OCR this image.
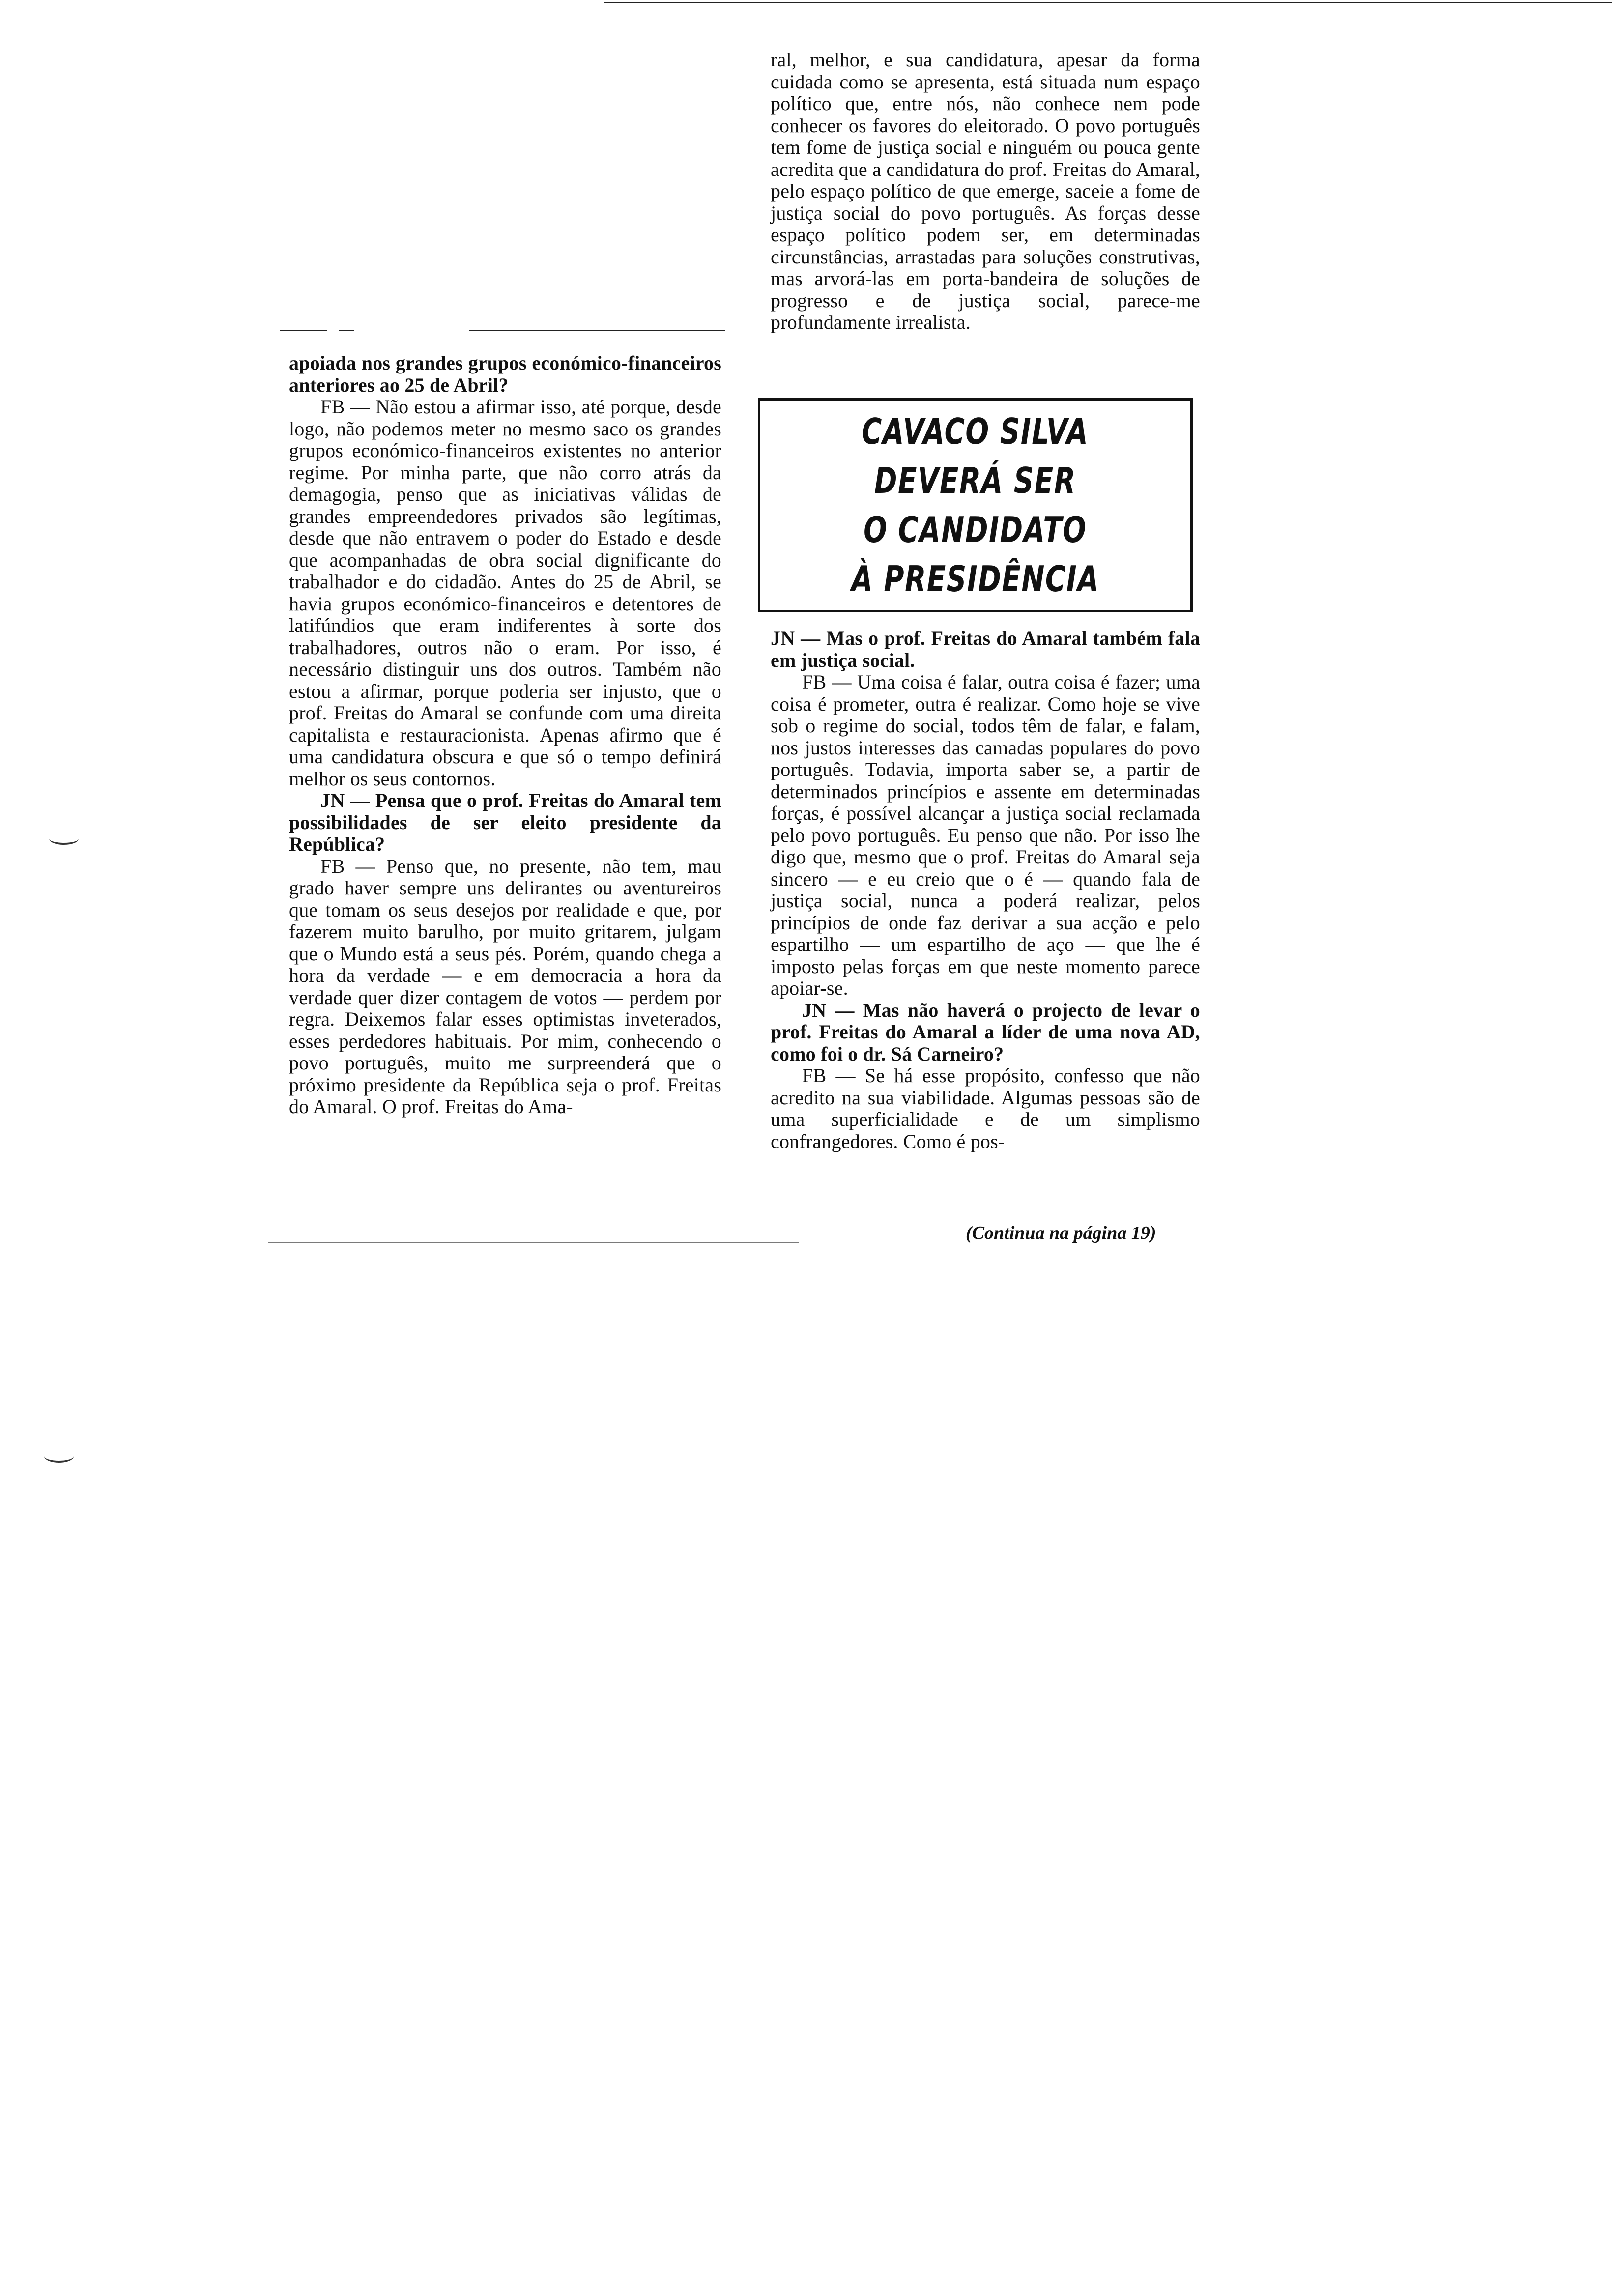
apoiada nos grandes grupos económico-financeiros anteriores ao 25 de Abril?

FB — Não estou a afirmar isso, até porque, desde logo, não podemos meter no mesmo saco os grandes grupos económico-financeiros existentes no anterior regime. Por minha parte, que não corro atrás da demagogia, penso que as iniciativas válidas de grandes empreendedores privados são legítimas, desde que não entravem o poder do Estado e desde que acompanhadas de obra social dignificante do trabalhador e do cidadão. Antes do 25 de Abril, se havia grupos económico-financeiros e detentores de latifúndios que eram indiferentes à sorte dos trabalhadores, outros não o eram. Por isso, é necessário distinguir uns dos outros. Também não estou a afirmar, porque poderia ser injusto, que o prof. Freitas do Amaral se confunde com uma direita capitalista e restauracionista. Apenas afirmo que é uma candidatura obscura e que só o tempo definirá melhor os seus contornos.

JN — Pensa que o prof. Freitas do Amaral tem possibilidades de ser eleito presidente da República?

FB — Penso que, no presente, não tem, mau grado haver sempre uns delirantes ou aventureiros que tomam os seus desejos por realidade e que, por fazerem muito barulho, por muito gritarem, julgam que o Mundo está a seus pés. Porém, quando chega a hora da verdade — e em democracia a hora da verdade quer dizer contagem de votos — perdem por regra. Deixemos falar esses optimistas inveterados, esses perdedores habituais. Por mim, conhecendo o povo português, muito me surpreenderá que o próximo presidente da República seja o prof. Freitas do Amaral. O prof. Freitas do Ama-

ral, melhor, e sua candidatura, apesar da forma cuidada como se apresenta, está situada num espaço político que, entre nós, não conhece nem pode conhecer os favores do eleitorado. O povo português tem fome de justiça social e ninguém ou pouca gente acredita que a candidatura do prof. Freitas do Amaral, pelo espaço político de que emerge, saceie a fome de justiça social do povo português. As forças desse espaço político podem ser, em determinadas circunstâncias, arrastadas para soluções construtivas, mas arvorá-las em porta-bandeira de soluções de progresso e de justiça social, parece-me profundamente irrealista.

CAVACO SILVA
DEVERÁ SER
O CANDIDATO
À PRESIDÊNCIA

JN — Mas o prof. Freitas do Amaral também fala em justiça social.

FB — Uma coisa é falar, outra coisa é fazer; uma coisa é prometer, outra é realizar. Como hoje se vive sob o regime do social, todos têm de falar, e falam, nos justos interesses das camadas populares do povo português. Todavia, importa saber se, a partir de determinados princípios e assente em determinadas forças, é possível alcançar a justiça social reclamada pelo povo português. Eu penso que não. Por isso lhe digo que, mesmo que o prof. Freitas do Amaral seja sincero — e eu creio que o é — quando fala de justiça social, nunca a poderá realizar, pelos princípios de onde faz derivar a sua acção e pelo espartilho — um espartilho de aço — que lhe é imposto pelas forças em que neste momento parece apoiar-se.

JN — Mas não haverá o projecto de levar o prof. Freitas do Amaral a líder de uma nova AD, como foi o dr. Sá Carneiro?

FB — Se há esse propósito, confesso que não acredito na sua viabilidade. Algumas pessoas são de uma superficialidade e de um simplismo confrangedores. Como é pos-

(Continua na página 19)
